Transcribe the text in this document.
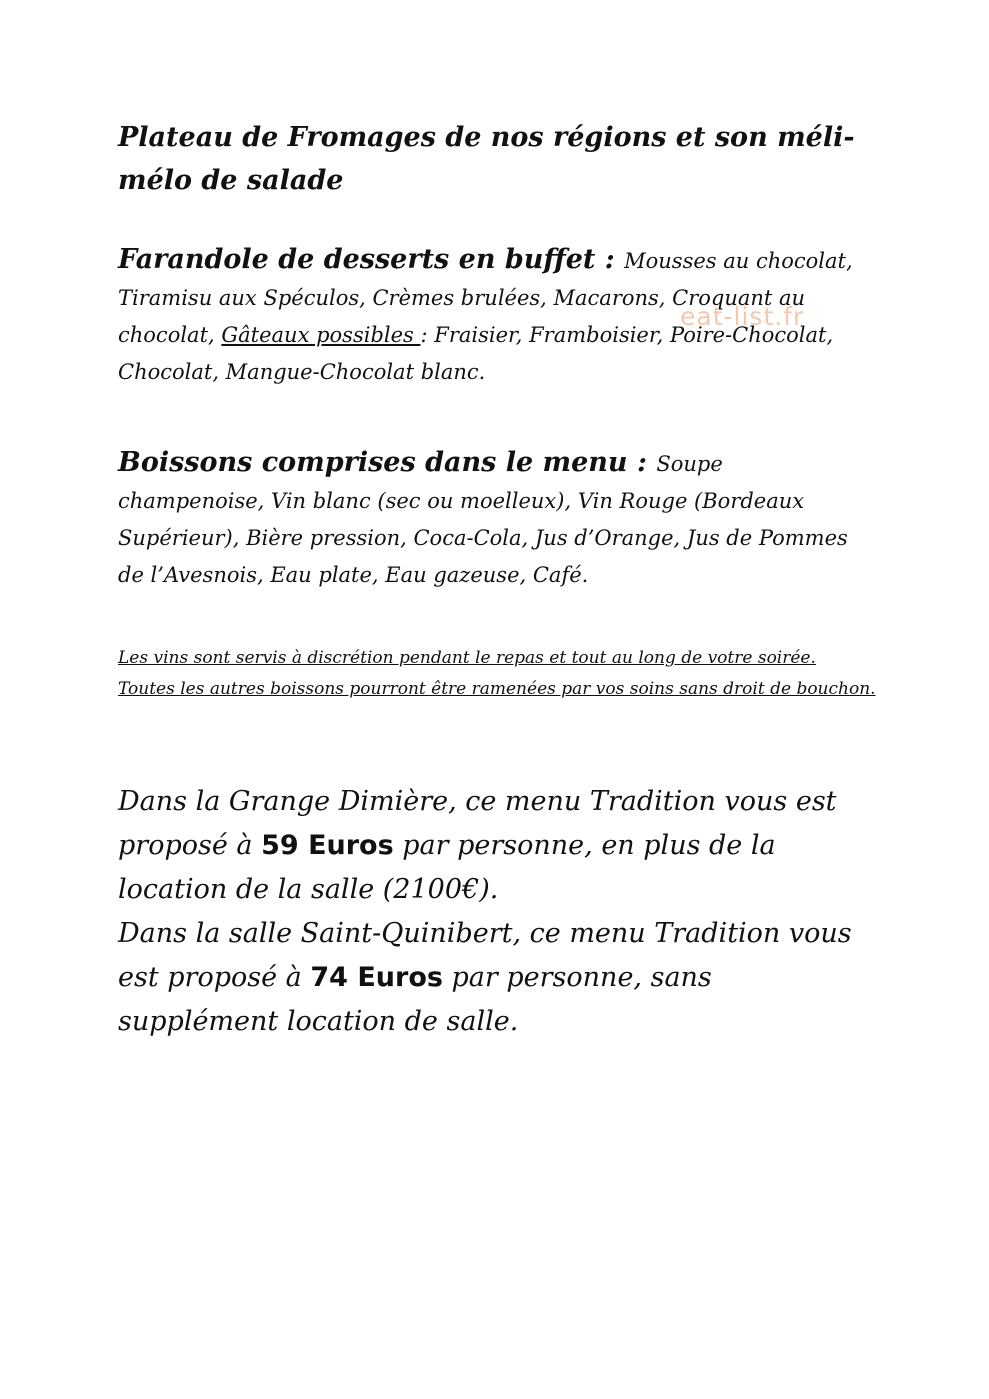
Plateau de Fromages de nos régions et son méli-mélo de salade
Farandole de desserts en buffet : Mousses au chocolat, Tiramisu aux Spéculos, Crèmes brulées, Macarons, Croquant au chocolat, Gâteaux possibles : Fraisier, Framboisier, Poire-Chocolat, Chocolat, Mangue-Chocolat blanc.
eat-list.fr
Boissons comprises dans le menu : Soupe champenoise, Vin blanc (sec ou moelleux), Vin Rouge (Bordeaux Supérieur), Bière pression, Coca-Cola, Jus d’Orange, Jus de Pommes de l’Avesnois, Eau plate, Eau gazeuse, Café.
Les vins sont servis à discrétion pendant le repas et tout au long de votre soirée. Toutes les autres boissons pourront être ramenées par vos soins sans droit de bouchon.
Dans la Grange Dimière, ce menu Tradition vous est proposé à 59 Euros par personne, en plus de la location de la salle (2100€).
Dans la salle Saint-Quinibert, ce menu Tradition vous est proposé à 74 Euros par personne, sans supplément location de salle.
